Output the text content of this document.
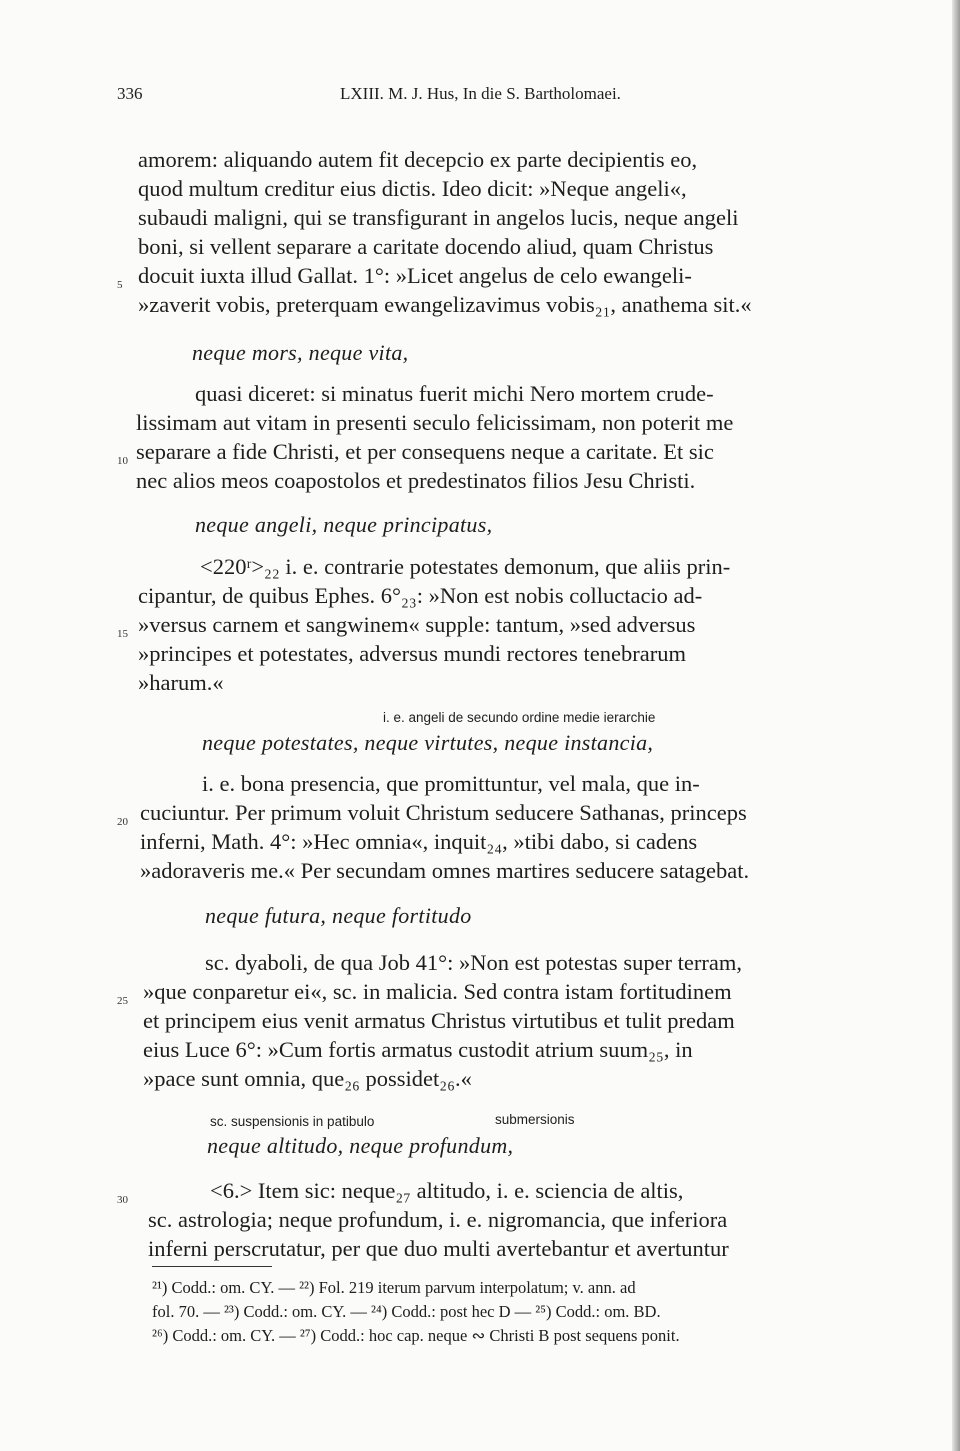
336	LXIII. M. J. Hus, In die S. Bartholomaei.
amorem: aliquando autem fit decepcio ex parte decipientis eo,
quod multum creditur eius dictis. Ideo dicit: »Neque angeli«,
subaudi maligni, qui se transfigurant in angelos lucis, neque angeli
boni, si vellent separare a caritate docendo aliud, quam Christus
5 docuit iuxta illud Gallat. 1°: »Licet angelus de celo ewangeli-
»zaverit vobis, preterquam ewangelizavimus vobis₂₁, anathema sit.«
neque mors, neque vita,
quasi diceret: si minatus fuerit michi Nero mortem crude-
lissimam aut vitam in presenti seculo felicissimam, non poterit me
10 separare a fide Christi, et per consequens neque a caritate. Et sic
nec alios meos coapostolos et predestinatos filios Jesu Christi.
neque angeli, neque principatus,
<220ʳ>₂₂ i. e. contrarie potestates demonum, que aliis prin-
cipantur, de quibus Ephes. 6°₂₃: »Non est nobis colluctacio ad-
15 »versus carnem et sangwinem« supple: tantum, »sed adversus
»principes et potestates, adversus mundi rectores tenebrarum
»harum.«
i. e. angeli de secundo ordine medie ierarchie
neque potestates, neque virtutes, neque instancia,
i. e. bona presencia, que promittuntur, vel mala, que in-
20 cuciuntur. Per primum voluit Christum seducere Sathanas, princeps
inferni, Math. 4°: »Hec omnia«, inquit₂₄, »tibi dabo, si cadens
»adoraveris me.« Per secundam omnes martires seducere satagebat.
neque futura, neque fortitudo
sc. dyaboli, de qua Job 41°: »Non est potestas super terram,
25 »que conparetur ei«, sc. in malicia. Sed contra istam fortitudinem
et principem eius venit armatus Christus virtutibus et tulit predam
eius Luce 6°: »Cum fortis armatus custodit atrium suum₂₅, in
»pace sunt omnia, que₂₆ possidet₂₆.«
sc. suspensionis in patibulo	submersionis
neque altitudo, neque profundum,
30	<6.> Item sic: neque₂₇ altitudo, i. e. sciencia de altis,
sc. astrologia; neque profundum, i. e. nigromancia, que inferiora
inferni perscrutatur, per que duo multi avertebantur et avertuntur
²¹) Codd.: om. CY. — ²²) Fol. 219 iterum parvum interpolatum; v. ann. ad
fol. 70. — ²³) Codd.: om. CY. — ²⁴) Codd.: post hec D — ²⁵) Codd.: om. BD.
²⁶) Codd.: om. CY. — ²⁷) Codd.: hoc cap. neque ∾ Christi B post sequens ponit.
